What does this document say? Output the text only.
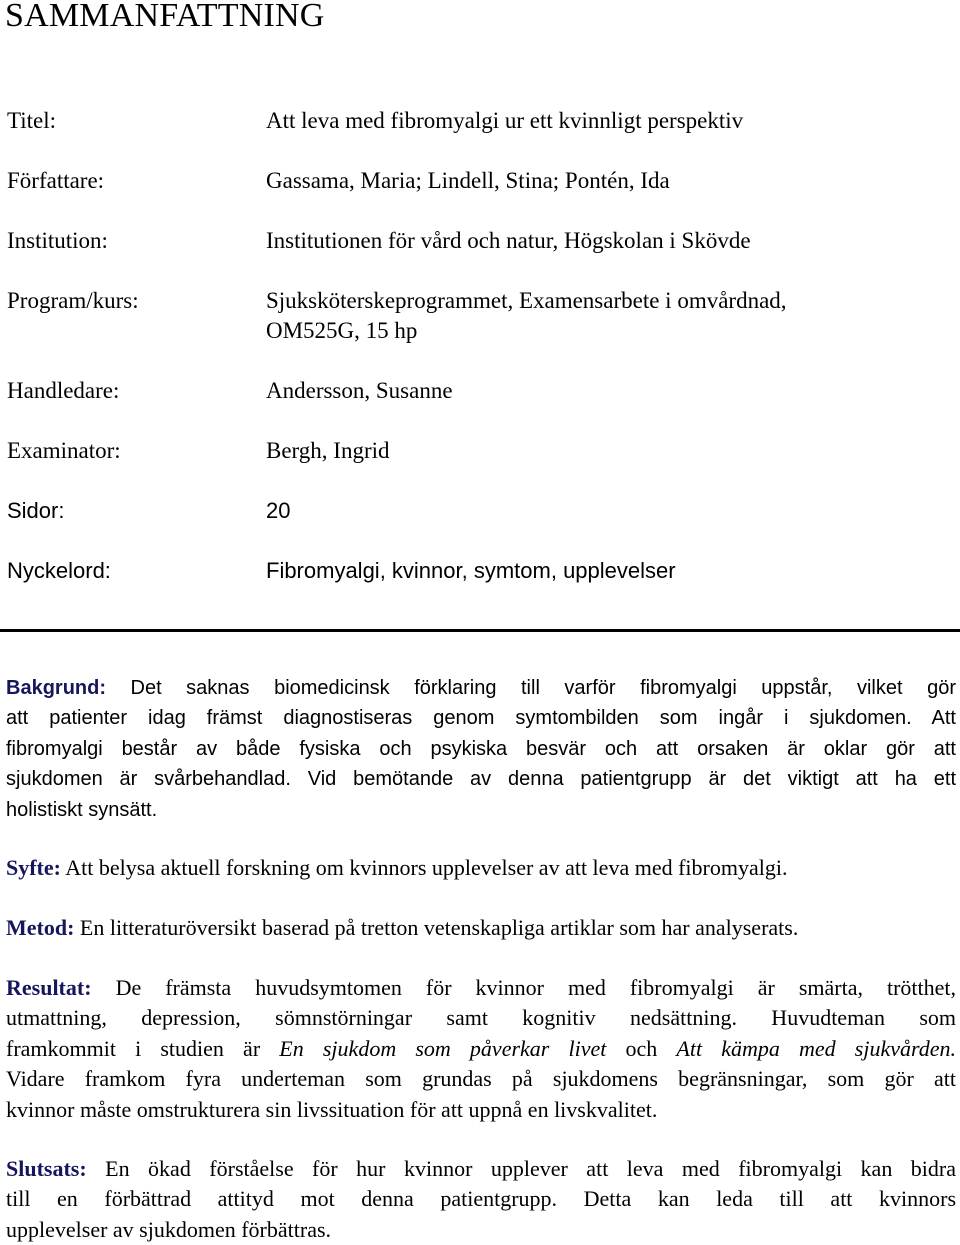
SAMMANFATTNING
Titel:	Att leva med fibromyalgi ur ett kvinnligt perspektiv
Författare:	Gassama, Maria; Lindell, Stina; Pontén, Ida
Institution:	Institutionen för vård och natur, Högskolan i Skövde
Program/kurs:	Sjuksköterskeprogrammet, Examensarbete i omvårdnad,
OM525G, 15 hp
Handledare:	Andersson, Susanne
Examinator:	Bergh, Ingrid
Sidor:	20
Nyckelord:	Fibromyalgi, kvinnor, symtom, upplevelser
Bakgrund: Det saknas biomedicinsk förklaring till varför fibromyalgi uppstår, vilket gör
att patienter idag främst diagnostiseras genom symtombilden som ingår i sjukdomen. Att
fibromyalgi består av både fysiska och psykiska besvär och att orsaken är oklar gör att
sjukdomen är svårbehandlad. Vid bemötande av denna patientgrupp är det viktigt att ha ett
holistiskt synsätt.
Syfte: Att belysa aktuell forskning om kvinnors upplevelser av att leva med fibromyalgi.
Metod: En litteraturöversikt baserad på tretton vetenskapliga artiklar som har analyserats.
Resultat: De främsta huvudsymtomen för kvinnor med fibromyalgi är smärta, trötthet,
utmattning, depression, sömnstörningar samt kognitiv nedsättning. Huvudteman som
framkommit i studien är En sjukdom som påverkar livet och Att kämpa med sjukvården.
Vidare framkom fyra underteman som grundas på sjukdomens begränsningar, som gör att
kvinnor måste omstrukturera sin livssituation för att uppnå en livskvalitet.
Slutsats: En ökad förståelse för hur kvinnor upplever att leva med fibromyalgi kan bidra
till en förbättrad attityd mot denna patientgrupp. Detta kan leda till att kvinnors
upplevelser av sjukdomen förbättras.
